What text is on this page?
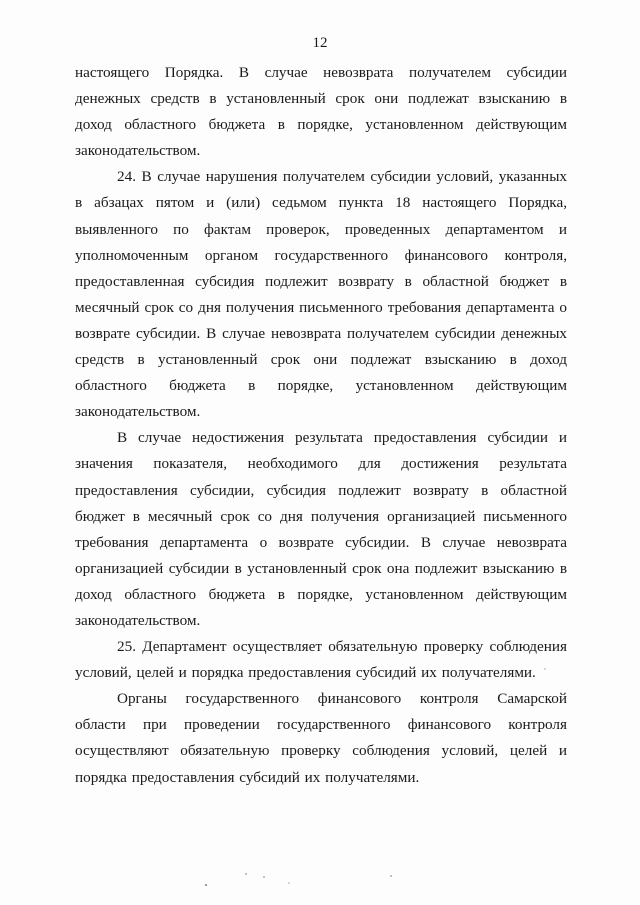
12

настоящего Порядка. В случае невозврата получателем субсидии денежных средств в установленный срок они подлежат взысканию в доход областного бюджета в порядке, установленном действующим законодательством.

24. В случае нарушения получателем субсидии условий, указанных в абзацах пятом и (или) седьмом пункта 18 настоящего Порядка, выявленного по фактам проверок, проведенных департаментом и уполномоченным органом государственного финансового контроля, предоставленная субсидия подлежит возврату в областной бюджет в месячный срок со дня получения письменного требования департамента о возврате субсидии. В случае невозврата получателем субсидии денежных средств в установленный срок они подлежат взысканию в доход областного бюджета в порядке, установленном действующим законодательством.

В случае недостижения результата предоставления субсидии и значения показателя, необходимого для достижения результата предоставления субсидии, субсидия подлежит возврату в областной бюджет в месячный срок со дня получения организацией письменного требования департамента о возврате субсидии. В случае невозврата организацией субсидии в установленный срок она подлежит взысканию в доход областного бюджета в порядке, установленном действующим законодательством.

25. Департамент осуществляет обязательную проверку соблюдения условий, целей и порядка предоставления субсидий их получателями.

Органы государственного финансового контроля Самарской области при проведении государственного финансового контроля осуществляют обязательную проверку соблюдения условий, целей и порядка предоставления субсидий их получателями.
